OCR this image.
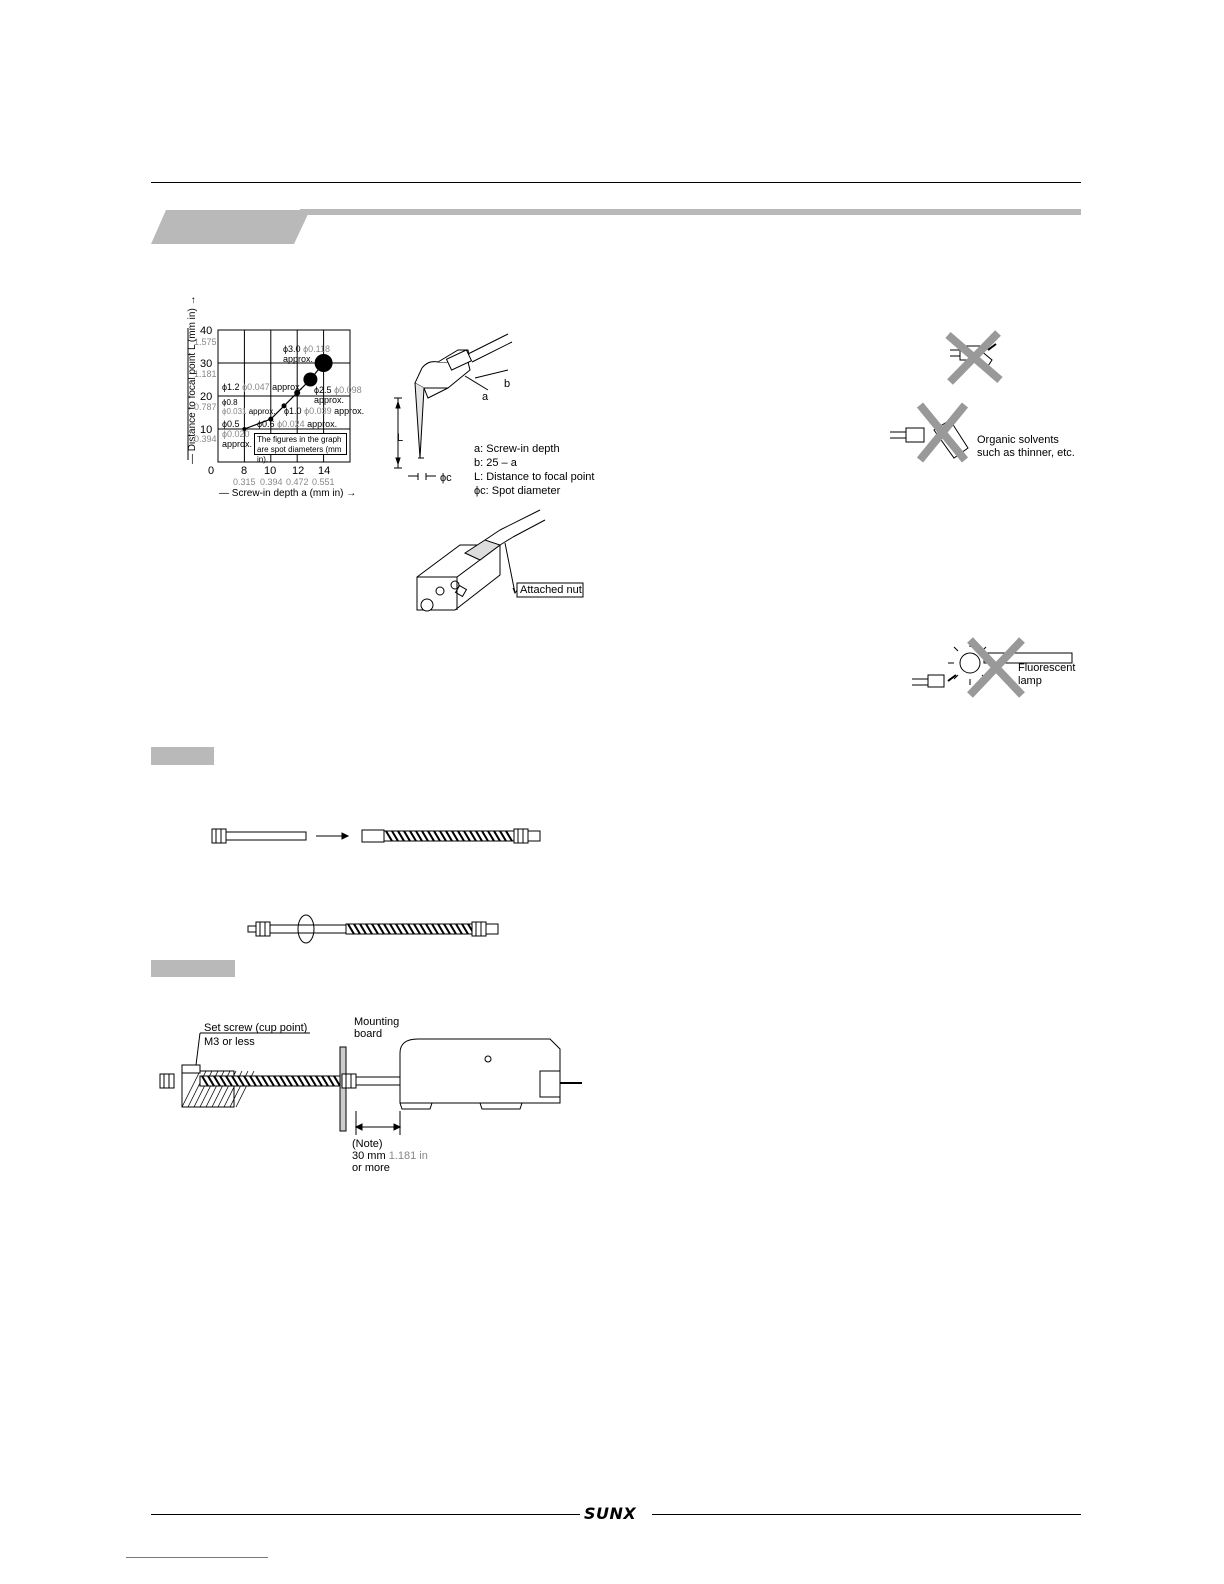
— Distance to focal point L (mm in) →
— Screw-in depth a (mm in) →
40
1.575
30
1.181
20
0.787
10
0.394
0 8 10 12 14
0.315 0.394 0.472 0.551
ϕ3.0 ϕ0.118
approx.
ϕ2.5 ϕ0.098
approx.
ϕ1.2 ϕ0.047 approx.
ϕ0.8
ϕ0.031 approx. ϕ1.0 ϕ0.039 approx.
ϕ0.5
ϕ0.020
approx.
ϕ0.6 ϕ0.024 approx.
The figures in the graph
are spot diameters (mm in).
a
b
L
ϕc
a: Screw-in depth
b: 25 – a
L: Distance to focal point
ϕc: Spot diameter
Attached nut
Organic solvents
such as thinner, etc.
Fluorescent
lamp
Set screw (cup point)
M3 or less
Mounting
board
(Note)
30 mm 1.181 in
or more
SUNX
